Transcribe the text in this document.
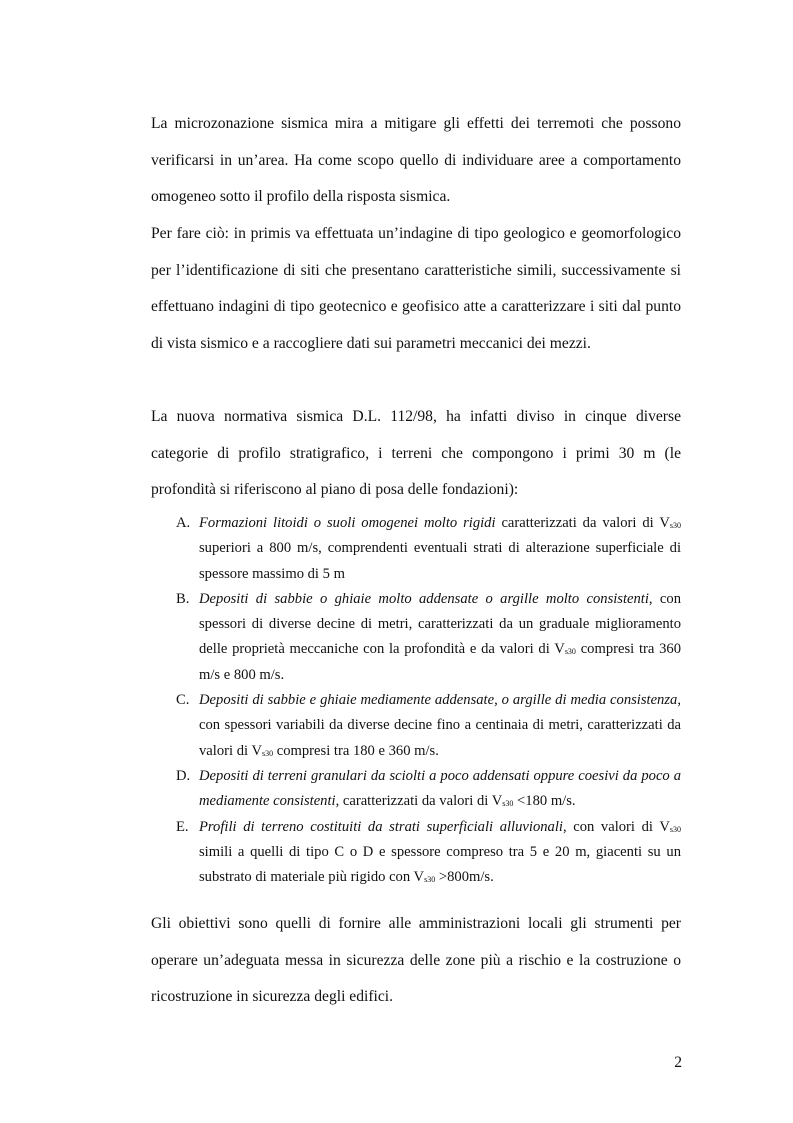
La microzonazione sismica mira a mitigare gli effetti dei terremoti che possono verificarsi in un’area. Ha come scopo quello di individuare aree a comportamento omogeneo sotto il profilo della risposta sismica.

Per fare ciò: in primis va effettuata un’indagine di tipo geologico e geomorfologico per l’identificazione di siti che presentano caratteristiche simili, successivamente si effettuano indagini di tipo geotecnico e geofisico atte a caratterizzare i siti dal punto di vista sismico e a raccogliere dati sui parametri meccanici dei mezzi.

La nuova normativa sismica D.L. 112/98, ha infatti diviso in cinque diverse categorie di profilo stratigrafico, i terreni che compongono i primi 30 m (le profondità si riferiscono al piano di posa delle fondazioni):

A. Formazioni litoidi o suoli omogenei molto rigidi caratterizzati da valori di $V_{s30}$ superiori a 800 m/s, comprendenti eventuali strati di alterazione superficiale di spessore massimo di 5 m
B. Depositi di sabbie o ghiaie molto addensate o argille molto consistenti, con spessori di diverse decine di metri, caratterizzati da un graduale miglioramento delle proprietà meccaniche con la profondità e da valori di $V_{s30}$ compresi tra 360 m/s e 800 m/s.
C. Depositi di sabbie e ghiaie mediamente addensate, o argille di media consistenza, con spessori variabili da diverse decine fino a centinaia di metri, caratterizzati da valori di $V_{s30}$ compresi tra 180 e 360 m/s.
D. Depositi di terreni granulari da sciolti a poco addensati oppure coesivi da poco a mediamente consistenti, caratterizzati da valori di $V_{s30} <180$ m/s.
E. Profili di terreno costituiti da strati superficiali alluvionali, con valori di $V_{s30}$ simili a quelli di tipo C o D e spessore compreso tra 5 e 20 m, giacenti su un substrato di materiale più rigido con $V_{s30} >800m/s$.

Gli obiettivi sono quelli di fornire alle amministrazioni locali gli strumenti per operare un’adeguata messa in sicurezza delle zone più a rischio e la costruzione o ricostruzione in sicurezza degli edifici.

2
